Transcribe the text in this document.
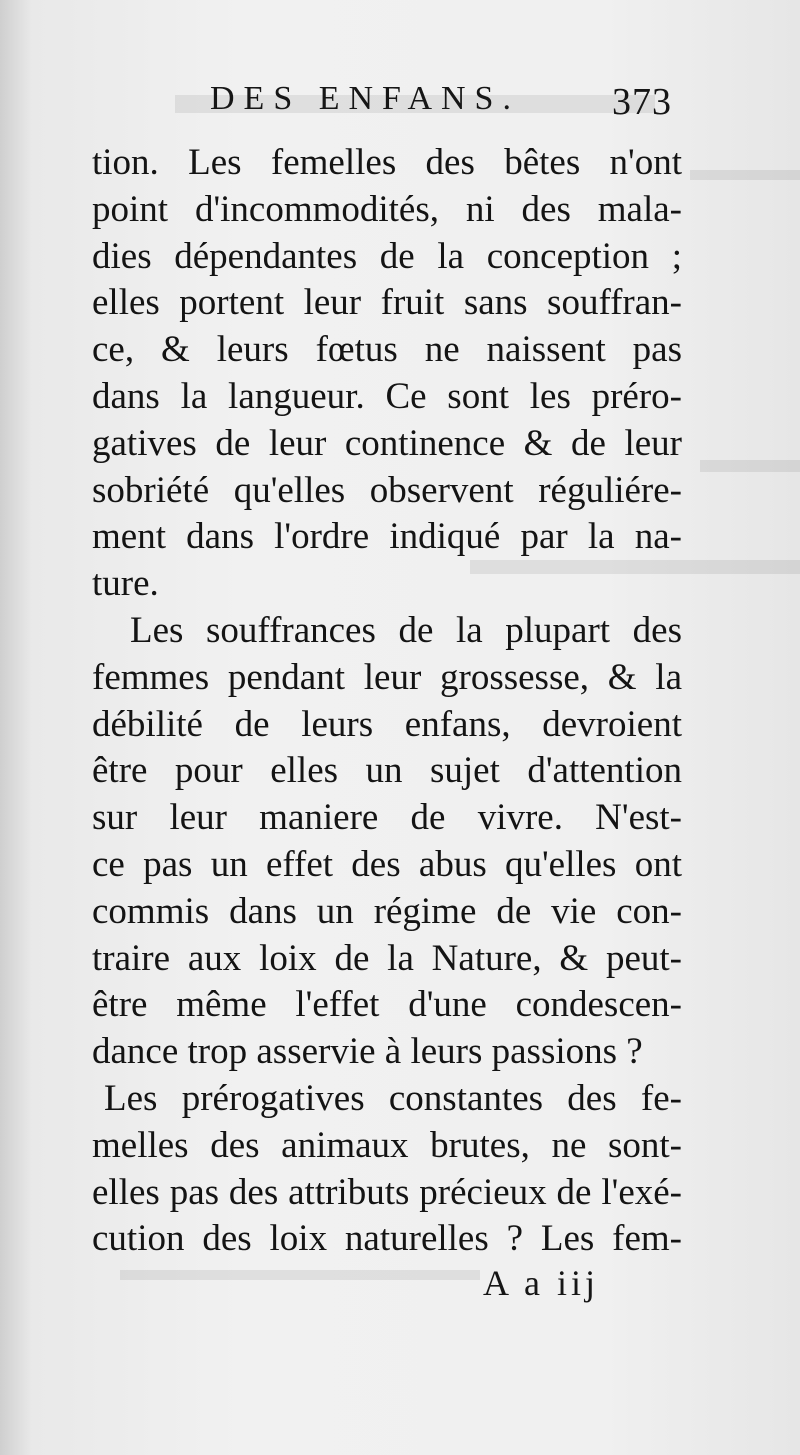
DES ENFANS. 373
tion. Les femelles des bêtes n'ont
point d'incommodités, ni des mala-
dies dépendantes de la conception ;
elles portent leur fruit sans souffran-
ce, & leurs fœtus ne naissent pas
dans la langueur. Ce sont les préro-
gatives de leur continence & de leur
sobriété qu'elles observent réguliére-
ment dans l'ordre indiqué par la na-
ture.
Les souffrances de la plupart des
femmes pendant leur grossesse, & la
débilité de leurs enfans, devroient
être pour elles un sujet d'attention
sur leur maniere de vivre. N'est-
ce pas un effet des abus qu'elles ont
commis dans un régime de vie con-
traire aux loix de la Nature, & peut-
être même l'effet d'une condescen-
dance trop asservie à leurs passions ?
Les prérogatives constantes des fe-
melles des animaux brutes, ne sont-
elles pas des attributs précieux de l'exé-
cution des loix naturelles ? Les fem-
A a iij
